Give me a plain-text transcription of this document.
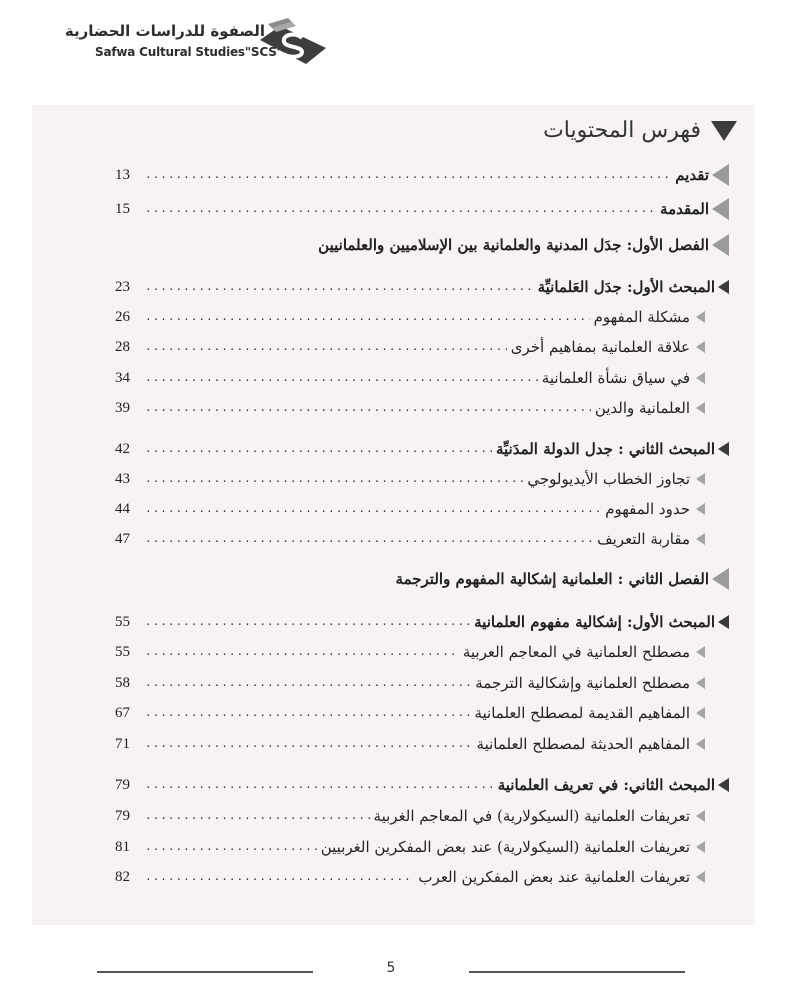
الصفوة للدراسات الحضارية
Safwa Cultural Studies"SCS"
فهرس المحتويات
تقديم
.....
13
المقدمة
.....
15
الفصل الأول: جدَل المدنية والعلمانية بين الإسلاميين والعلمانيين
المبحث الأول: جدَل العَلمانيِّة
.....
23
مشكلة المفهوم
.....
26
علاقة العلمانية بمفاهيم أخرى
.....
28
في سياق نشأة العلمانية
.....
34
العلمانية والدين
.....
39
المبحث الثاني : جدل الدولة المدَنيِّة
.....
42
تجاوز الخطاب الأيديولوجي
.....
43
حدود المفهوم
.....
44
مقاربة التعريف
.....
47
الفصل الثاني : العلمانية إشكالية المفهوم والترجمة
المبحث الأول: إشكالية مفهوم العلمانية
.....
55
مصطلح العلمانية في المعاجم العربية
.....
55
مصطلح العلمانية وإشكالية الترجمة
.....
58
المفاهيم القديمة لمصطلح العلمانية
.....
67
المفاهيم الحديثة لمصطلح العلمانية
.....
71
المبحث الثاني: في تعريف العلمانية
.....
79
تعريفات العلمانية (السيكولارية) في المعاجم الغربية
.....
79
تعريفات العلمانية (السيكولارية) عند بعض المفكرين الغربيين
.....
81
تعريفات العلمانية عند بعض المفكرين العرب
.....
82
5
